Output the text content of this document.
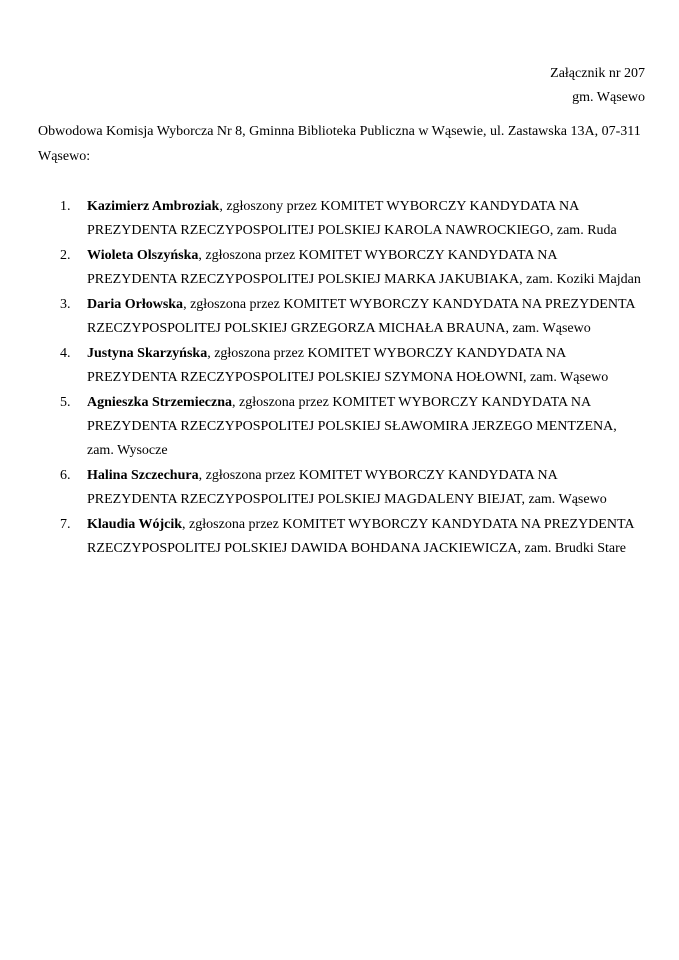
Załącznik nr 207
gm. Wąsewo

Obwodowa Komisja Wyborcza Nr 8, Gminna Biblioteka Publiczna w Wąsewie, ul. Zastawska 13A, 07-311 Wąsewo:

1.	Kazimierz Ambroziak, zgłoszony przez KOMITET WYBORCZY KANDYDATA NA PREZYDENTA RZECZYPOSPOLITEJ POLSKIEJ KAROLA NAWROCKIEGO, zam. Ruda
2.	Wioleta Olszyńska, zgłoszona przez KOMITET WYBORCZY KANDYDATA NA PREZYDENTA RZECZYPOSPOLITEJ POLSKIEJ MARKA JAKUBIAKA, zam. Koziki Majdan
3.	Daria Orłowska, zgłoszona przez KOMITET WYBORCZY KANDYDATA NA PREZYDENTA RZECZYPOSPOLITEJ POLSKIEJ GRZEGORZA MICHAŁA BRAUNA, zam. Wąsewo
4.	Justyna Skarzyńska, zgłoszona przez KOMITET WYBORCZY KANDYDATA NA PREZYDENTA RZECZYPOSPOLITEJ POLSKIEJ SZYMONA HOŁOWNI, zam. Wąsewo
5.	Agnieszka Strzemieczna, zgłoszona przez KOMITET WYBORCZY KANDYDATA NA PREZYDENTA RZECZYPOSPOLITEJ POLSKIEJ SŁAWOMIRA JERZEGO MENTZENA, zam. Wysocze
6.	Halina Szczechura, zgłoszona przez KOMITET WYBORCZY KANDYDATA NA PREZYDENTA RZECZYPOSPOLITEJ POLSKIEJ MAGDALENY BIEJAT, zam. Wąsewo
7.	Klaudia Wójcik, zgłoszona przez KOMITET WYBORCZY KANDYDATA NA PREZYDENTA RZECZYPOSPOLITEJ POLSKIEJ DAWIDA BOHDANA JACKIEWICZA, zam. Brudki Stare
